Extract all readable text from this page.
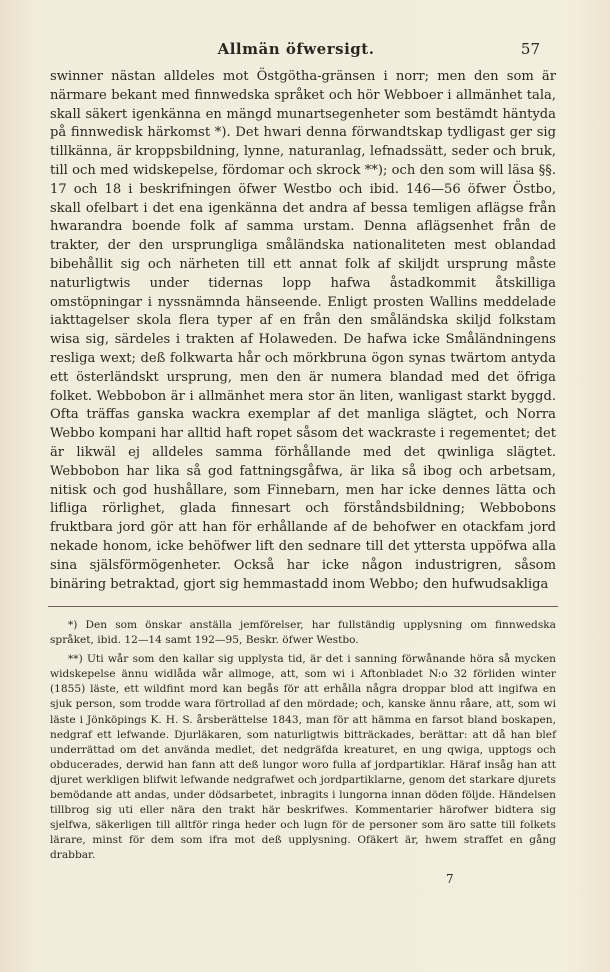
Allmän öfwersigt.	57

swinner nästan alldeles mot Östgötha-gränsen i norr; men den som är närmare bekant med finnwedska språket och hör Webboer i allmänhet tala, skall säkert igenkänna en mängd munartsegenheter som bestämdt häntyda på finnwedisk härkomst *). Det hwari denna förwandtskap tydligast ger sig tillkänna, är kroppsbildning, lynne, naturanlag, lefnadssätt, seder och bruk, till och med widskepelse, fördomar och skrock **); och den som will läsa §§. 17 och 18 i beskrifningen öfwer Westbo och ibid. 146—56 öfwer Östbo, skall ofelbart i det ena igenkänna det andra af bessa temligen aflägse från hwarandra boende folk af samma urstam. Denna aflägsenhet från de trakter, der den ursprungliga småländska nationaliteten mest oblandad bibehållit sig och närheten till ett annat folk af skiljdt ursprung måste naturligtwis under tidernas lopp hafwa åstadkommit åtskilliga omstöpningar i nyssnämnda hänseende. Enligt prosten Wallins meddelade iakttagelser skola flera typer af en från den småländska skiljd folkstam wisa sig, särdeles i trakten af Holaweden. De hafwa icke Småländningens resliga wext; deß folkwarta hår och mörkbruna ögon synas twärtom antyda ett österländskt ursprung, men den är numera blandad med det öfriga folket. Webbobon är i allmänhet mera stor än liten, wanligast starkt byggd. Ofta träffas ganska wackra exemplar af det manliga slägtet, och Norra Webbo kompani har alltid haft ropet såsom det wackraste i regementet; det är likwäl ej alldeles samma förhållande med det qwinliga slägtet. Webbobon har lika så god fattningsgåfwa, är lika så ibog och arbetsam, nitisk och god hushållare, som Finnebarn, men har icke dennes lätta och lifliga rörlighet, glada finnesart och förståndsbildning; Webbobons fruktbara jord gör att han för erhållande af de behofwer en otackfam jord nekade honom, icke behöfwer lift den sednare till det yttersta uppöfwa alla sina själsförmögenheter. Också har icke någon industrigren, såsom binäring betraktad, gjort sig hemmastadd inom Webbo; den hufwudsakliga

*) Den som önskar anställa jemförelser, har fullständig upplysning om finnwedska språket, ibid. 12—14 samt 192—95, Beskr. öfwer Westbo.

**) Uti wår som den kallar sig upplysta tid, är det i sanning förwånande höra så mycken widskepelse ännu widlåda wår allmoge, att, som wi i Aftonbladet N:o 32 förliden winter (1855) läste, ett wildfint mord kan begås för att erhålla några droppar blod att ingifwa en sjuk person, som trodde wara förtrollad af den mördade; och, kanske ännu råare, att, som wi läste i Jönköpings K. H. S. årsberättelse 1843, man för att hämma en farsot bland boskapen, nedgraf ett lefwande. Djurläkaren, som naturligtwis bitträckades, berättar: att då han blef underrättad om det använda medlet, det nedgräfda kreaturet, en ung qwiga, upptogs och obducerades, derwid han fann att deß lungor woro fulla af jordpartiklar. Häraf insåg han att djuret werkligen blifwit lefwande nedgrafwet och jordpartiklarne, genom det starkare djurets bemödande att andas, under dödsarbetet, inbragits i lungorna innan döden följde. Händelsen tillbrog sig uti eller nära den trakt här beskrifwes. Kommentarier härofwer bidtera sig sjelfwa, säkerligen till alltför ringa heder och lugn för de personer som äro satte till folkets lärare, minst för dem som ifra mot deß upplysning. Ofäkert är, hwem straffet en gång drabbar.

7
